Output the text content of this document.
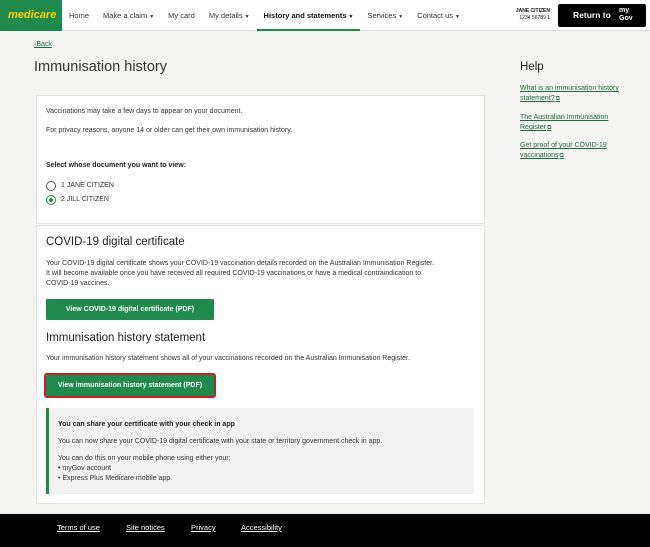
medicare	Home	Make a claim ▼	My card	My details ▼	History and statements ▼	Services ▼	Contact us ▼
JANE CITIZEN
1234 56789 1	Return to my
Gov
‹Back
Immunisation history
Vaccinations may take a few days to appear on your document.
For privacy reasons, anyone 14 or older can get their own immunisation history.
Select whose document you want to view:
1 JANE CITIZEN
2 JILL CITIZEN
COVID-19 digital certificate
Your COVID-19 digital certificate shows your COVID-19 vaccination details recorded on the Australian Immunisation Register.
It will become available once you have received all required COVID-19 vaccinations or have a medical contraindication to
COVID-19 vaccines.
View COVID-19 digital certificate (PDF)
Immunisation history statement
Your immunisation history statement shows all of your vaccinations recorded on the Australian Immunisation Register.
View immunisation history statement (PDF)
You can share your certificate with your check in app
You can now share your COVID-19 digital certificate with your state or territory government check in app.
You can do this on your mobile phone using either your:
• myGov account
• Express Plus Medicare mobile app.
Help
What is an immunisation history
statement?⧉
The Australian Immunisation
Register⧉
Get proof of your COVID-19
vaccinations⧉
Terms of use	Site notices	Privacy	Accessibility
